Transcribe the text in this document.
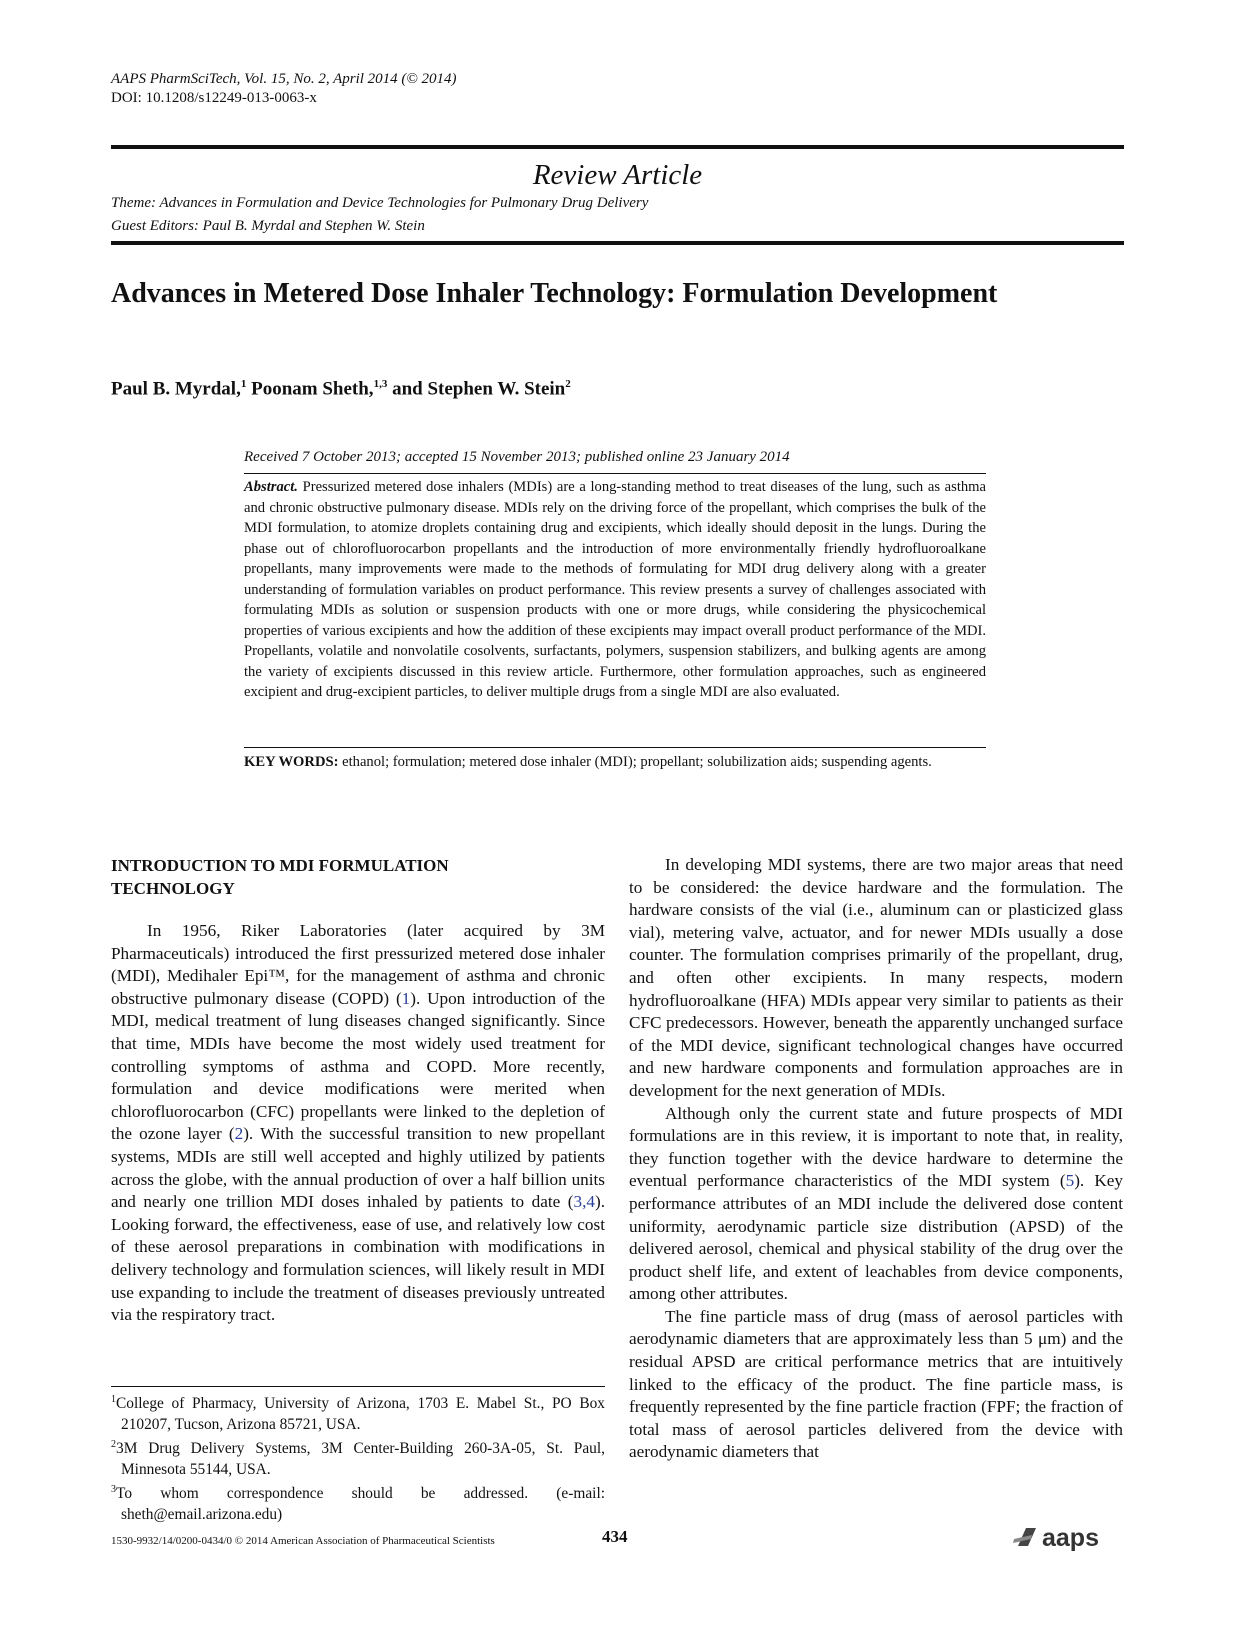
AAPS PharmSciTech, Vol. 15, No. 2, April 2014 (© 2014)
DOI: 10.1208/s12249-013-0063-x
Review Article
Theme: Advances in Formulation and Device Technologies for Pulmonary Drug Delivery
Guest Editors: Paul B. Myrdal and Stephen W. Stein
Advances in Metered Dose Inhaler Technology: Formulation Development
Paul B. Myrdal,$^1$ Poonam Sheth,$^{1,3}$ and Stephen W. Stein$^2$
Received 7 October 2013; accepted 15 November 2013; published online 23 January 2014
Abstract. Pressurized metered dose inhalers (MDIs) are a long-standing method to treat diseases of the lung, such as asthma and chronic obstructive pulmonary disease. MDIs rely on the driving force of the propellant, which comprises the bulk of the MDI formulation, to atomize droplets containing drug and excipients, which ideally should deposit in the lungs. During the phase out of chlorofluorocarbon propellants and the introduction of more environmentally friendly hydrofluoroalkane propellants, many improvements were made to the methods of formulating for MDI drug delivery along with a greater understanding of formulation variables on product performance. This review presents a survey of challenges associated with formulating MDIs as solution or suspension products with one or more drugs, while considering the physicochemical properties of various excipients and how the addition of these excipients may impact overall product performance of the MDI. Propellants, volatile and nonvolatile cosolvents, surfactants, polymers, suspension stabilizers, and bulking agents are among the variety of excipients discussed in this review article. Furthermore, other formulation approaches, such as engineered excipient and drug-excipient particles, to deliver multiple drugs from a single MDI are also evaluated.
KEY WORDS: ethanol; formulation; metered dose inhaler (MDI); propellant; solubilization aids; suspending agents.
INTRODUCTION TO MDI FORMULATION
TECHNOLOGY

In 1956, Riker Laboratories (later acquired by 3M Pharmaceuticals) introduced the first pressurized metered dose inhaler (MDI), Medihaler Epi™, for the management of asthma and chronic obstructive pulmonary disease (COPD) (1). Upon introduction of the MDI, medical treatment of lung diseases changed significantly. Since that time, MDIs have become the most widely used treatment for controlling symptoms of asthma and COPD. More recently, formulation and device modifications were merited when chlorofluorocarbon (CFC) propellants were linked to the depletion of the ozone layer (2). With the successful transition to new propellant systems, MDIs are still well accepted and highly utilized by patients across the globe, with the annual production of over a half billion units and nearly one trillion MDI doses inhaled by patients to date (3,4). Looking forward, the effectiveness, ease of use, and relatively low cost of these aerosol preparations in combination with modifications in delivery technology and formulation sciences, will likely result in MDI use expanding to include the treatment of diseases previously untreated via the respiratory tract.

$^1$College of Pharmacy, University of Arizona, 1703 E. Mabel St., PO Box 210207, Tucson, Arizona 85721, USA.

$^2$3M Drug Delivery Systems, 3M Center-Building 260-3A-05, St. Paul, Minnesota 55144, USA.

$^3$To whom correspondence should be addressed. (e-mail: sheth@email.arizona.edu)

In developing MDI systems, there are two major areas that need to be considered: the device hardware and the formulation. The hardware consists of the vial (i.e., aluminum can or plasticized glass vial), metering valve, actuator, and for newer MDIs usually a dose counter. The formulation comprises primarily of the propellant, drug, and often other excipients. In many respects, modern hydrofluoroalkane (HFA) MDIs appear very similar to patients as their CFC predecessors. However, beneath the apparently unchanged surface of the MDI device, significant technological changes have occurred and new hardware components and formulation approaches are in development for the next generation of MDIs.

Although only the current state and future prospects of MDI formulations are in this review, it is important to note that, in reality, they function together with the device hardware to determine the eventual performance characteristics of the MDI system (5). Key performance attributes of an MDI include the delivered dose content uniformity, aerodynamic particle size distribution (APSD) of the delivered aerosol, chemical and physical stability of the drug over the product shelf life, and extent of leachables from device components, among other attributes.

The fine particle mass of drug (mass of aerosol particles with aerodynamic diameters that are approximately less than 5 μm) and the residual APSD are critical performance metrics that are intuitively linked to the efficacy of the product. The fine particle mass, is frequently represented by the fine particle fraction (FPF; the fraction of total mass of aerosol particles delivered from the device with aerodynamic diameters that

1530-9932/14/0200-0434/0 © 2014 American Association of Pharmaceutical Scientists	434	aaps
